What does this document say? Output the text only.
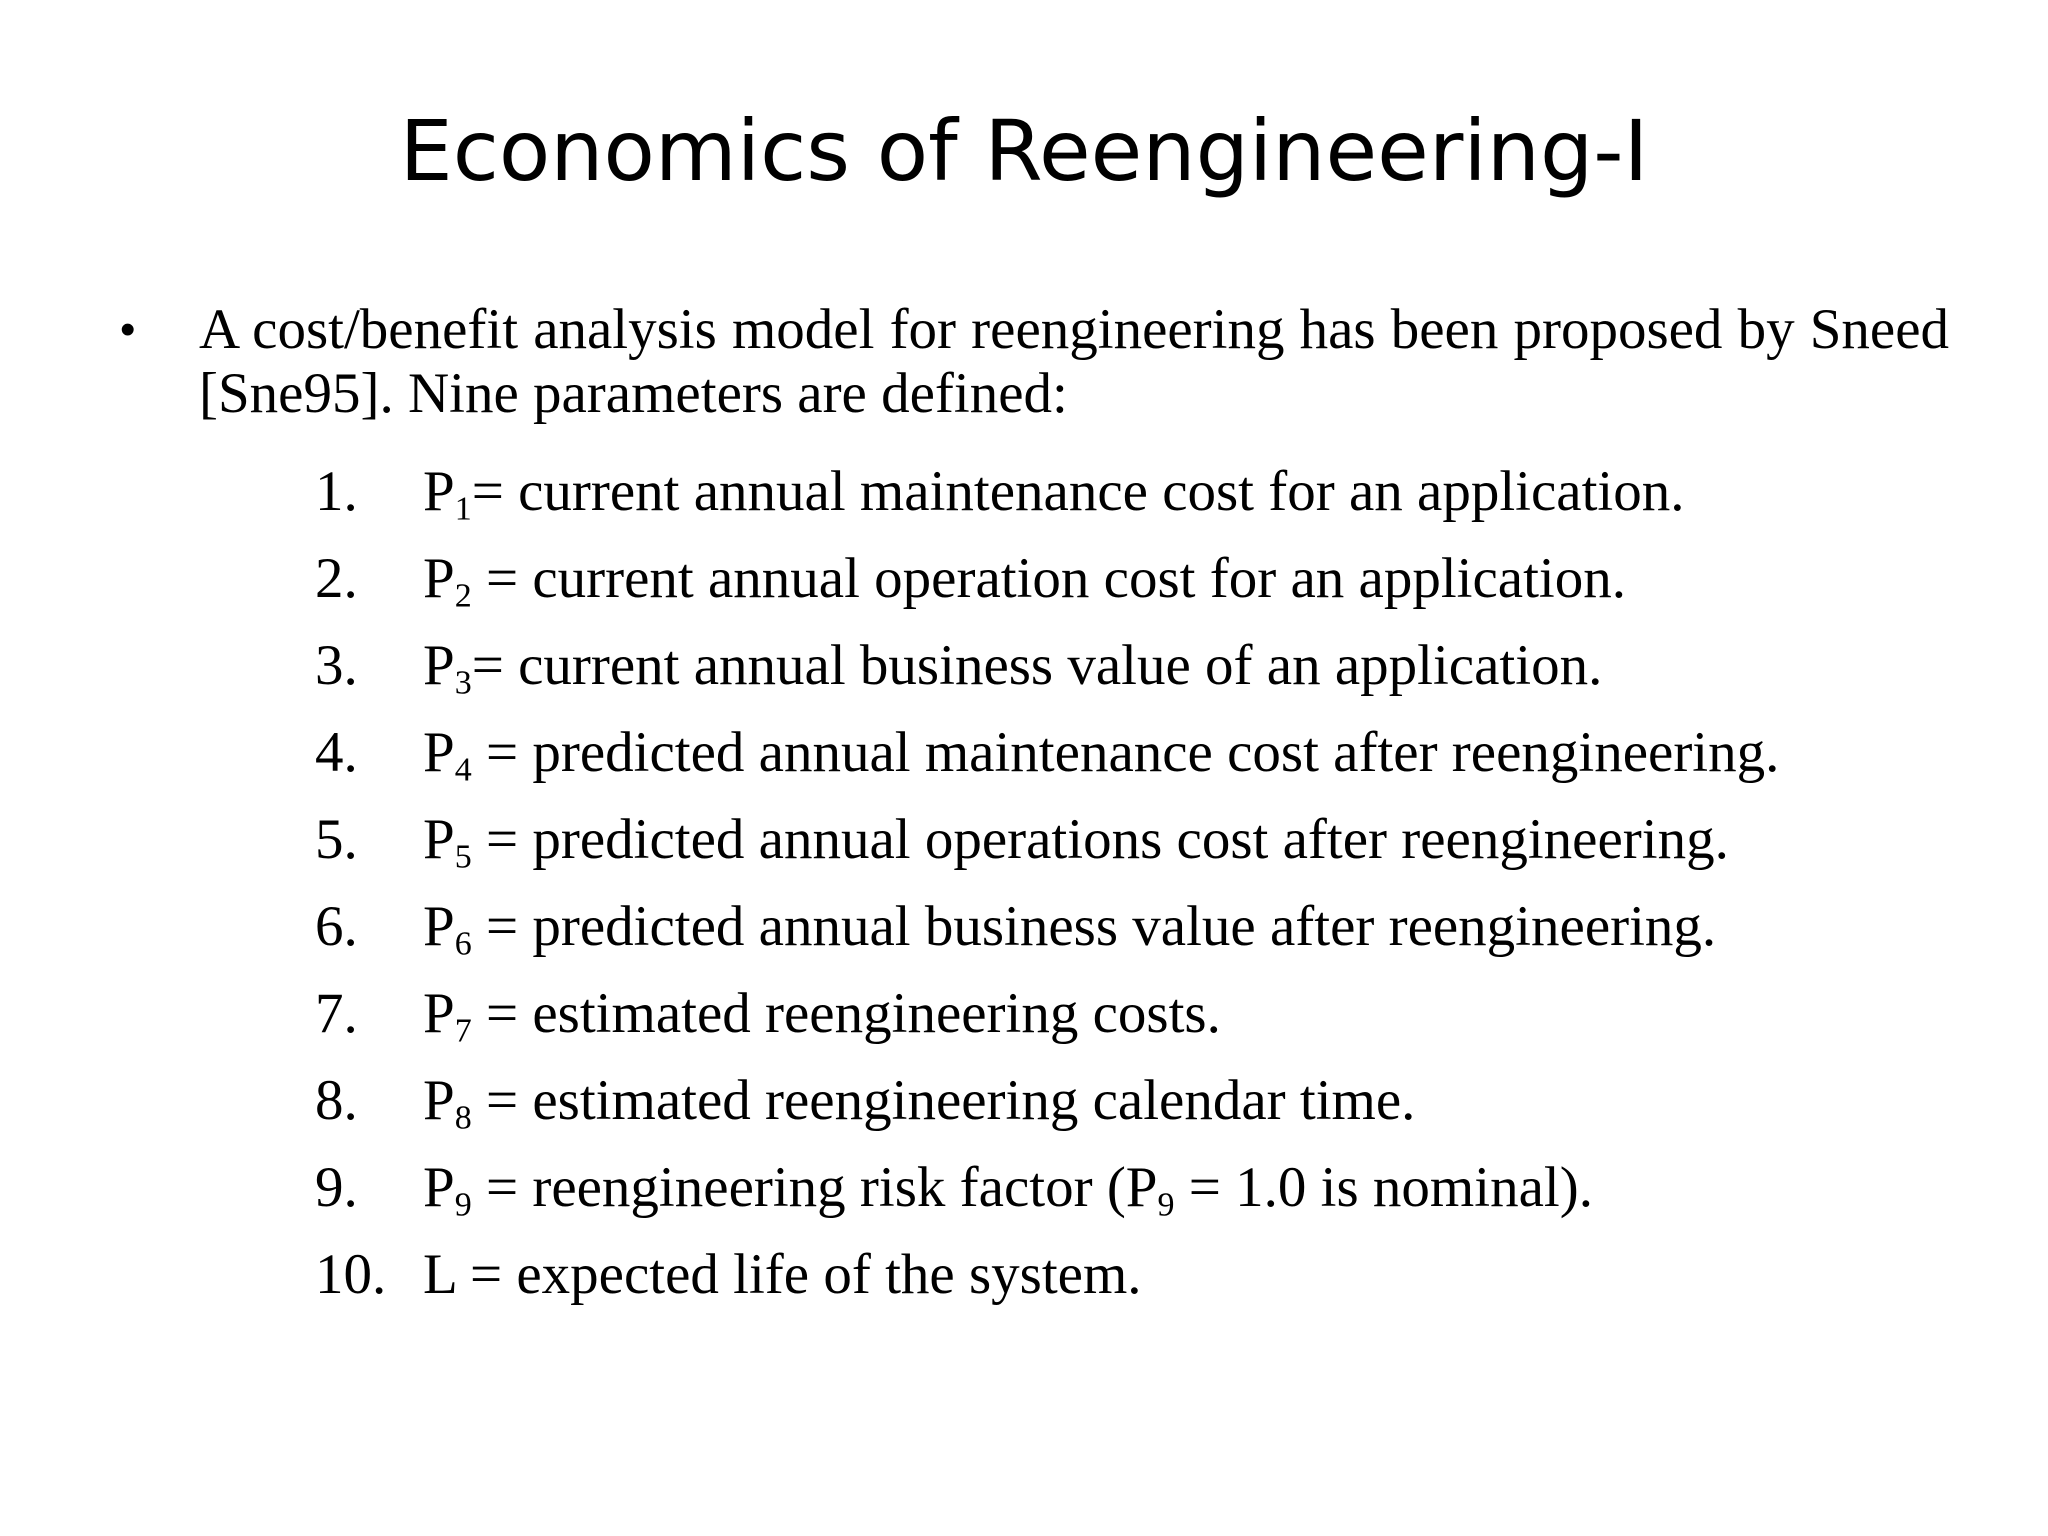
Economics of Reengineering-I
• A cost/benefit analysis model for reengineering has been proposed by Sneed [Sne95]. Nine parameters are defined:
1. $P_1=$ current annual maintenance cost for an application.
2. $P_2$ = current annual operation cost for an application.
3. $P_3=$ current annual business value of an application.
4. $P_4$ = predicted annual maintenance cost after reengineering.
5. $P_5$ = predicted annual operations cost after reengineering.
6. $P_6$ = predicted annual business value after reengineering.
7. $P_7$ = estimated reengineering costs.
8. $P_8$ = estimated reengineering calendar time.
9. $P_9$ = reengineering risk factor ($P_9 = 1.0$ is nominal).
10. L = expected life of the system.
